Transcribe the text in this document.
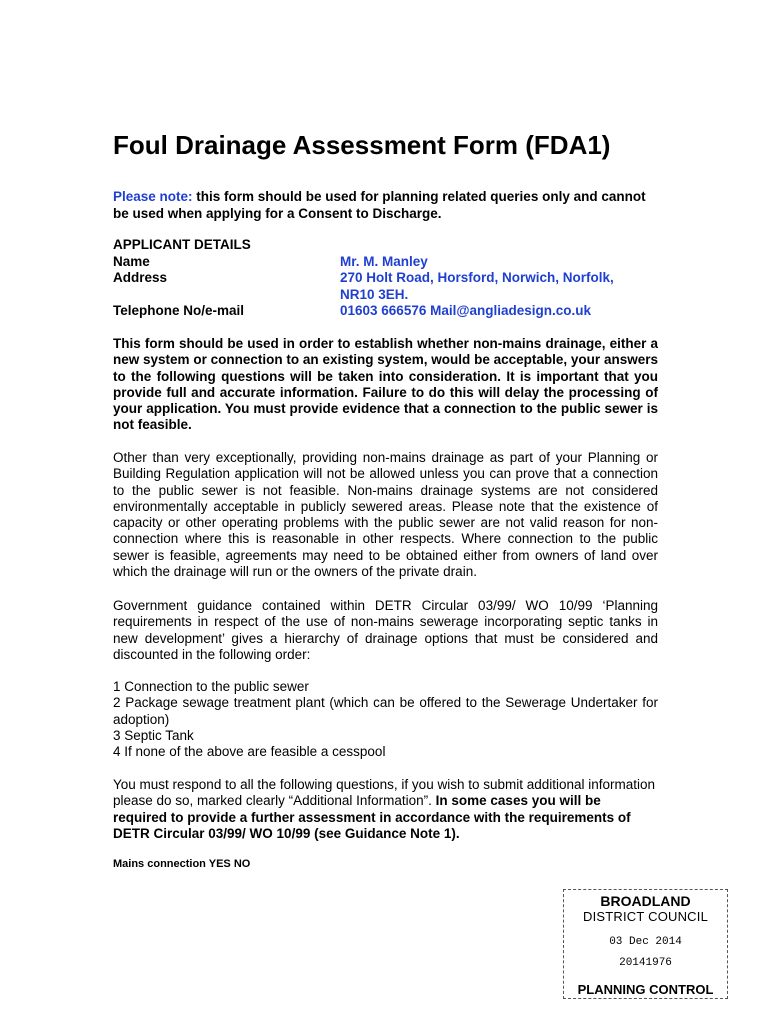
Foul Drainage Assessment Form (FDA1)
Please note: this form should be used for planning related queries only and cannot be used when applying for a Consent to Discharge.
APPLICANT DETAILS
Name	Mr. M. Manley
Address	270 Holt Road, Horsford, Norwich, Norfolk,
NR10 3EH.
Telephone No/e-mail	01603 666576 Mail@angliadesign.co.uk
This form should be used in order to establish whether non-mains drainage, either a new system or connection to an existing system, would be acceptable, your answers to the following questions will be taken into consideration. It is important that you provide full and accurate information. Failure to do this will delay the processing of your application. You must provide evidence that a connection to the public sewer is not feasible.
Other than very exceptionally, providing non-mains drainage as part of your Planning or Building Regulation application will not be allowed unless you can prove that a connection to the public sewer is not feasible. Non-mains drainage systems are not considered environmentally acceptable in publicly sewered areas. Please note that the existence of capacity or other operating problems with the public sewer are not valid reason for non-connection where this is reasonable in other respects. Where connection to the public sewer is feasible, agreements may need to be obtained either from owners of land over which the drainage will run or the owners of the private drain.
Government guidance contained within DETR Circular 03/99/ WO 10/99 ‘Planning requirements in respect of the use of non-mains sewerage incorporating septic tanks in new development’ gives a hierarchy of drainage options that must be considered and discounted in the following order:
1 Connection to the public sewer
2 Package sewage treatment plant (which can be offered to the Sewerage Undertaker for adoption)
3 Septic Tank
4 If none of the above are feasible a cesspool
You must respond to all the following questions, if you wish to submit additional information please do so, marked clearly “Additional Information”. In some cases you will be required to provide a further assessment in accordance with the requirements of DETR Circular 03/99/ WO 10/99 (see Guidance Note 1).
Mains connection YES NO
BROADLAND
DISTRICT COUNCIL
03 Dec 2014
20141976
PLANNING CONTROL
